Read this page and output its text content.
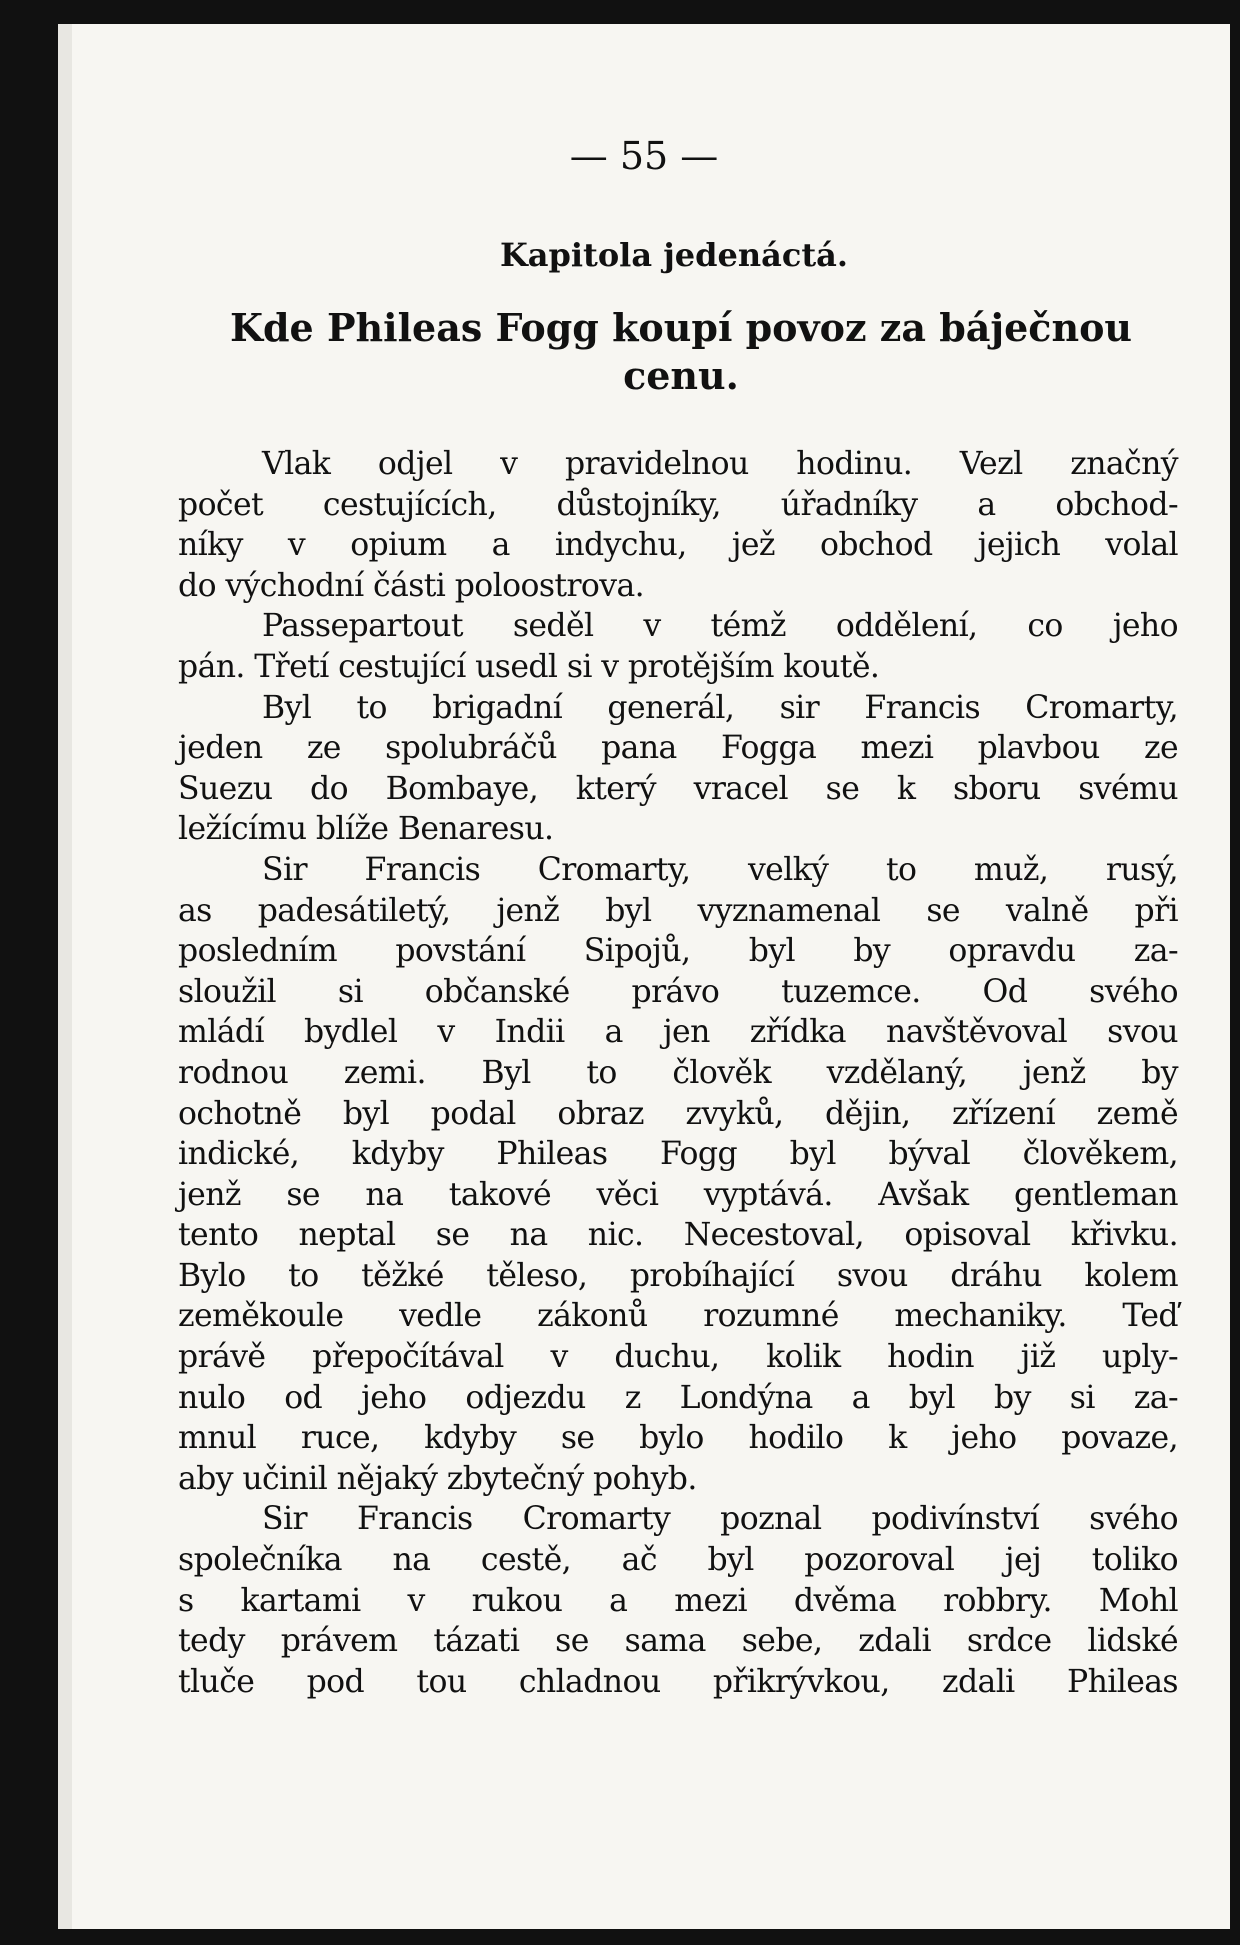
— 55 —
Kapitola jedenáctá.
Kde Phileas Fogg koupí povoz za báječnou
cenu.
Vlak odjel v pravidelnou hodinu. Vezl značný
počet cestujících, důstojníky, úřadníky a obchod-
níky v opium a indychu, jež obchod jejich volal
do východní části poloostrova.
Passepartout seděl v témž oddělení, co jeho
pán. Třetí cestující usedl si v protějším koutě.
Byl to brigadní generál, sir Francis Cromarty,
jeden ze spolubráčů pana Fogga mezi plavbou ze
Suezu do Bombaye, který vracel se k sboru svému
ležícímu blíže Benaresu.
Sir Francis Cromarty, velký to muž, rusý,
as padesátiletý, jenž byl vyznamenal se valně při
posledním povstání Sipojů, byl by opravdu za-
sloužil si občanské právo tuzemce. Od svého
mládí bydlel v Indii a jen zřídka navštěvoval svou
rodnou zemi. Byl to člověk vzdělaný, jenž by
ochotně byl podal obraz zvyků, dějin, zřízení země
indické, kdyby Phileas Fogg byl býval člověkem,
jenž se na takové věci vyptává. Avšak gentleman
tento neptal se na nic. Necestoval, opisoval křivku.
Bylo to těžké těleso, probíhající svou dráhu kolem
zeměkoule vedle zákonů rozumné mechaniky. Teď
právě přepočítával v duchu, kolik hodin již uply-
nulo od jeho odjezdu z Londýna a byl by si za-
mnul ruce, kdyby se bylo hodilo k jeho povaze,
aby učinil nějaký zbytečný pohyb.
Sir Francis Cromarty poznal podivínství svého
společníka na cestě, ač byl pozoroval jej toliko
s kartami v rukou a mezi dvěma robbry. Mohl
tedy právem tázati se sama sebe, zdali srdce lidské
tluče pod tou chladnou přikrývkou, zdali Phileas
